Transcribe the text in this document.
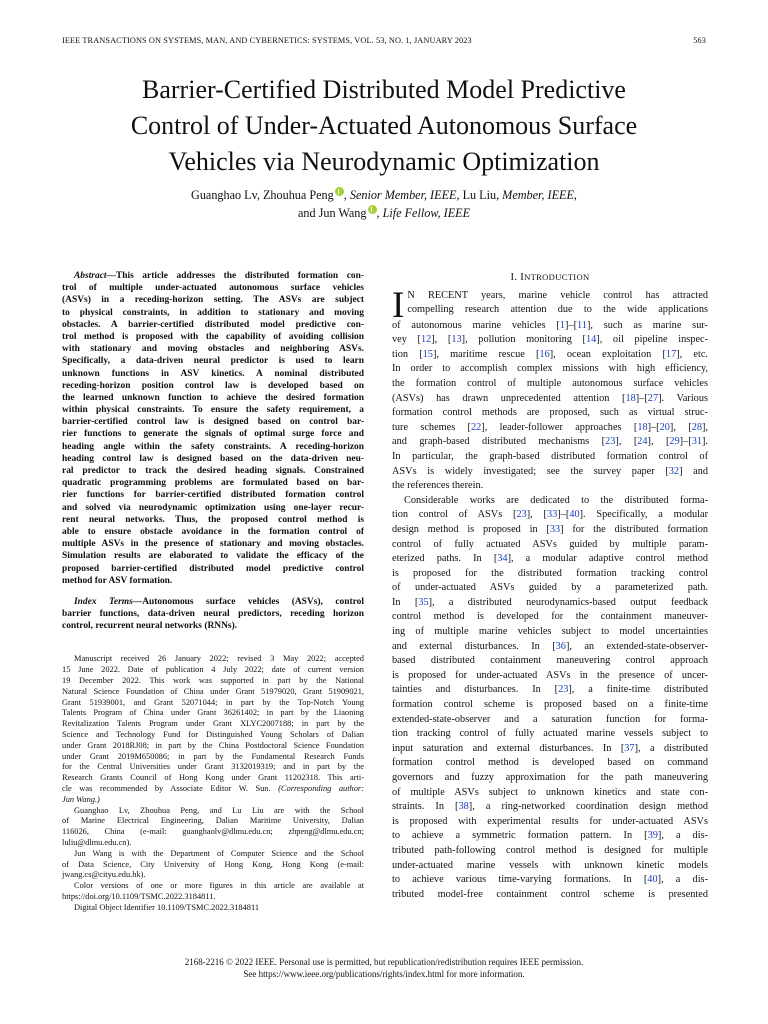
IEEE TRANSACTIONS ON SYSTEMS, MAN, AND CYBERNETICS: SYSTEMS, VOL. 53, NO. 1, JANUARY 2023	563
Barrier-Certified Distributed Model Predictive
Control of Under-Actuated Autonomous Surface
Vehicles via Neurodynamic Optimization
Guanghao Lv, Zhouhua Peng , Senior Member, IEEE, Lu Liu, Member, IEEE,
and Jun Wang , Life Fellow, IEEE
Abstract—This article addresses the distributed formation con-
trol of multiple under-actuated autonomous surface vehicles
(ASVs) in a receding-horizon setting. The ASVs are subject
to physical constraints, in addition to stationary and moving
obstacles. A barrier-certified distributed model predictive con-
trol method is proposed with the capability of avoiding collision
with stationary and moving obstacles and neighboring ASVs.
Specifically, a data-driven neural predictor is used to learn
unknown functions in ASV kinetics. A nominal distributed
receding-horizon position control law is developed based on
the learned unknown function to achieve the desired formation
within physical constraints. To ensure the safety requirement, a
barrier-certified control law is designed based on control bar-
rier functions to generate the signals of optimal surge force and
heading angle within the safety constraints. A receding-horizon
heading control law is designed based on the data-driven neu-
ral predictor to track the desired heading signals. Constrained
quadratic programming problems are formulated based on bar-
rier functions for barrier-certified distributed formation control
and solved via neurodynamic optimization using one-layer recur-
rent neural networks. Thus, the proposed control method is
able to ensure obstacle avoidance in the formation control of
multiple ASVs in the presence of stationary and moving obstacles.
Simulation results are elaborated to validate the efficacy of the
proposed barrier-certified distributed model predictive control
method for ASV formation.
Index Terms—Autonomous surface vehicles (ASVs), control
barrier functions, data-driven neural predictors, receding horizon
control, recurrent neural networks (RNNs).
Manuscript received 26 January 2022; revised 3 May 2022; accepted
15 June 2022. Date of publication 4 July 2022; date of current version
19 December 2022. This work was supported in part by the National
Natural Science Foundation of China under Grant 51979020, Grant 51909021,
Grant 51939001, and Grant 52071044; in part by the Top-Notch Young
Talents Program of China under Grant 36261402; in part by the Liaoning
Revitalization Talents Program under Grant XLYC2007188; in part by the
Science and Technology Fund for Distinguished Young Scholars of Dalian
under Grant 2018RJ08; in part by the China Postdoctoral Science Foundation
under Grant 2019M650086; in part by the Fundamental Research Funds
for the Central Universities under Grant 3132019319; and in part by the
Research Grants Council of Hong Kong under Grant 11202318. This arti-
cle was recommended by Associate Editor W. Sun. (Corresponding author:
Jun Wang.)
Guanghao Lv, Zhouhua Peng, and Lu Liu are with the School
of Marine Electrical Engineering, Dalian Maritime University, Dalian
116026, China (e-mail: guanghaolv@dlmu.edu.cn; zhpeng@dlmu.edu.cn;
luliu@dlmu.edu.cn).
Jun Wang is with the Department of Computer Science and the School
of Data Science, City University of Hong Kong, Hong Kong (e-mail:
jwang.cs@cityu.edu.hk).
Color versions of one or more figures in this article are available at
https://doi.org/10.1109/TSMC.2022.3184811.
Digital Object Identifier 10.1109/TSMC.2022.3184811
I. INTRODUCTION
I N RECENT years, marine vehicle control has attracted
compelling research attention due to the wide applications
of autonomous marine vehicles [1]–[11], such as marine sur-
vey [12], [13], pollution monitoring [14], oil pipeline inspec-
tion [15], maritime rescue [16], ocean exploitation [17], etc.
In order to accomplish complex missions with high efficiency,
the formation control of multiple autonomous surface vehicles
(ASVs) has drawn unprecedented attention [18]–[27]. Various
formation control methods are proposed, such as virtual struc-
ture schemes [22], leader-follower approaches [18]–[20], [28],
and graph-based distributed mechanisms [23], [24], [29]–[31].
In particular, the graph-based distributed formation control of
ASVs is widely investigated; see the survey paper [32] and
the references therein.
Considerable works are dedicated to the distributed forma-
tion control of ASVs [23], [33]–[40]. Specifically, a modular
design method is proposed in [33] for the distributed formation
control of fully actuated ASVs guided by multiple param-
eterized paths. In [34], a modular adaptive control method
is proposed for the distributed formation tracking control
of under-actuated ASVs guided by a parameterized path.
In [35], a distributed neurodynamics-based output feedback
control method is developed for the containment maneuver-
ing of multiple marine vehicles subject to model uncertainties
and external disturbances. In [36], an extended-state-observer-
based distributed containment maneuvering control approach
is proposed for under-actuated ASVs in the presence of uncer-
tainties and disturbances. In [23], a finite-time distributed
formation control scheme is proposed based on a finite-time
extended-state-observer and a saturation function for forma-
tion tracking control of fully actuated marine vessels subject to
input saturation and external disturbances. In [37], a distributed
formation control method is developed based on command
governors and fuzzy approximation for the path maneuvering
of multiple ASVs subject to unknown kinetics and state con-
straints. In [38], a ring-networked coordination design method
is proposed with experimental results for under-actuated ASVs
to achieve a symmetric formation pattern. In [39], a dis-
tributed path-following control method is designed for multiple
under-actuated marine vessels with unknown kinetic models
to achieve various time-varying formations. In [40], a dis-
tributed model-free containment control scheme is presented
2168-2216 © 2022 IEEE. Personal use is permitted, but republication/redistribution requires IEEE permission.
See https://www.ieee.org/publications/rights/index.html for more information.
